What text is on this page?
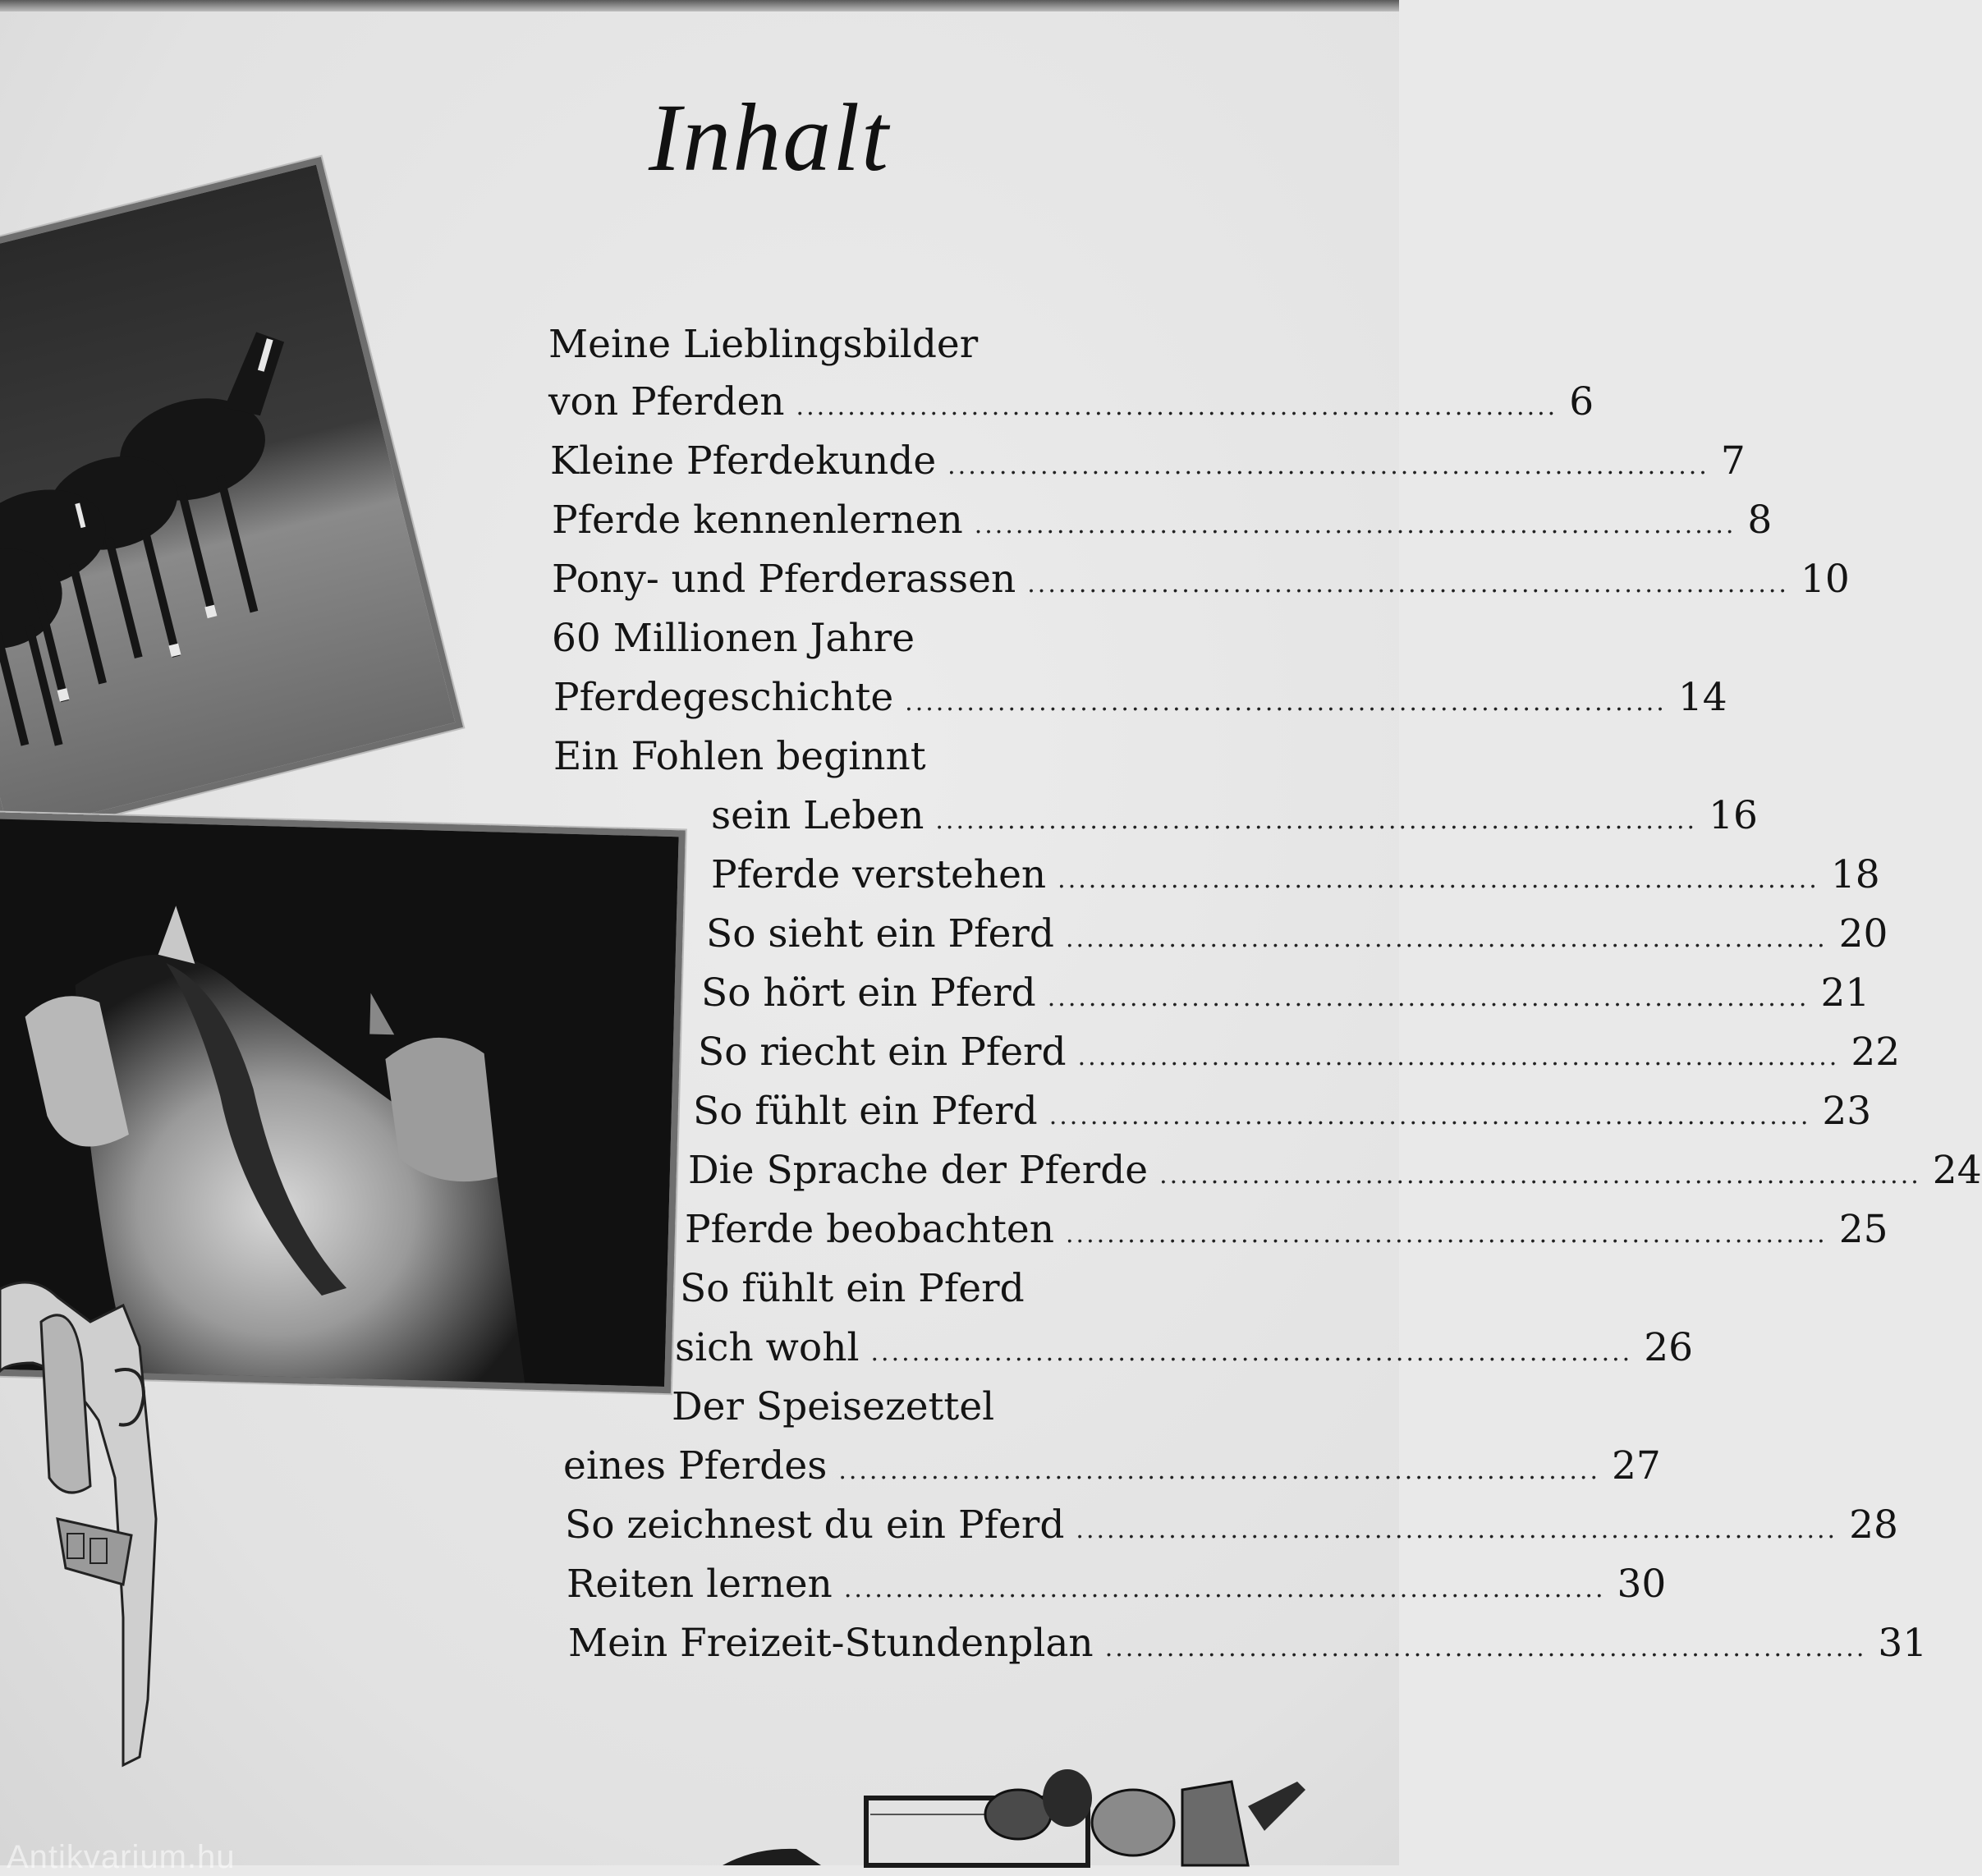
Inhalt
Antikvarium.hu
Meine Lieblingsbilder
von Pferden .......................................................................... 6
Kleine Pferdekunde .......................................................................... 7
Pferde kennenlernen .......................................................................... 8
Pony- und Pferderassen .......................................................................... 10
60 Millionen Jahre
Pferdegeschichte .......................................................................... 14
Ein Fohlen beginnt
sein Leben .......................................................................... 16
Pferde verstehen .......................................................................... 18
So sieht ein Pferd .......................................................................... 20
So hört ein Pferd .......................................................................... 21
So riecht ein Pferd .......................................................................... 22
So fühlt ein Pferd .......................................................................... 23
Die Sprache der Pferde .......................................................................... 24
Pferde beobachten .......................................................................... 25
So fühlt ein Pferd
sich wohl .......................................................................... 26
Der Speisezettel
eines Pferdes .......................................................................... 27
So zeichnest du ein Pferd .......................................................................... 28
Reiten lernen .......................................................................... 30
Mein Freizeit-Stundenplan .......................................................................... 31
